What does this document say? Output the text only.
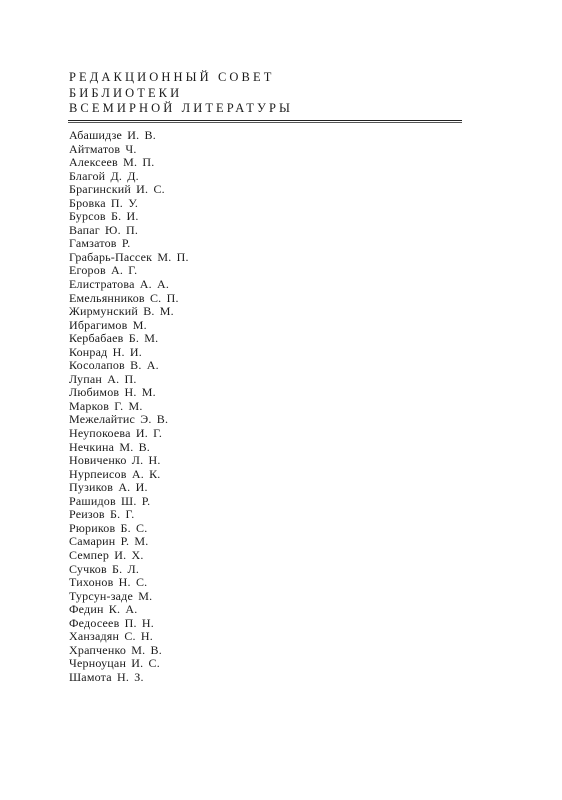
РЕДАКЦИОННЫЙ СОВЕТ
БИБЛИОТЕКИ
ВСЕМИРНОЙ ЛИТЕРАТУРЫ
Абашидзе И. В.
Айтматов Ч.
Алексеев М. П.
Благой Д. Д.
Брагинский И. С.
Бровка П. У.
Бурсов Б. И.
Вапаг Ю. П.
Гамзатов Р.
Грабарь-Пассек М. П.
Егоров А. Г.
Елистратова А. А.
Емельянников С. П.
Жирмунский В. М.
Ибрагимов М.
Кербабаев Б. М.
Конрад Н. И.
Косолапов В. А.
Лупан А. П.
Любимов Н. М.
Марков Г. М.
Межелайтис Э. В.
Неупокоева И. Г.
Нечкина М. В.
Новиченко Л. Н.
Нурпеисов А. К.
Пузиков А. И.
Рашидов Ш. Р.
Реизов Б. Г.
Рюриков Б. С.
Самарин Р. М.
Семпер И. Х.
Сучков Б. Л.
Тихонов Н. С.
Турсун-заде М.
Федин К. А.
Федосеев П. Н.
Ханзадян С. Н.
Храпченко М. В.
Черноуцан И. С.
Шамота Н. З.
